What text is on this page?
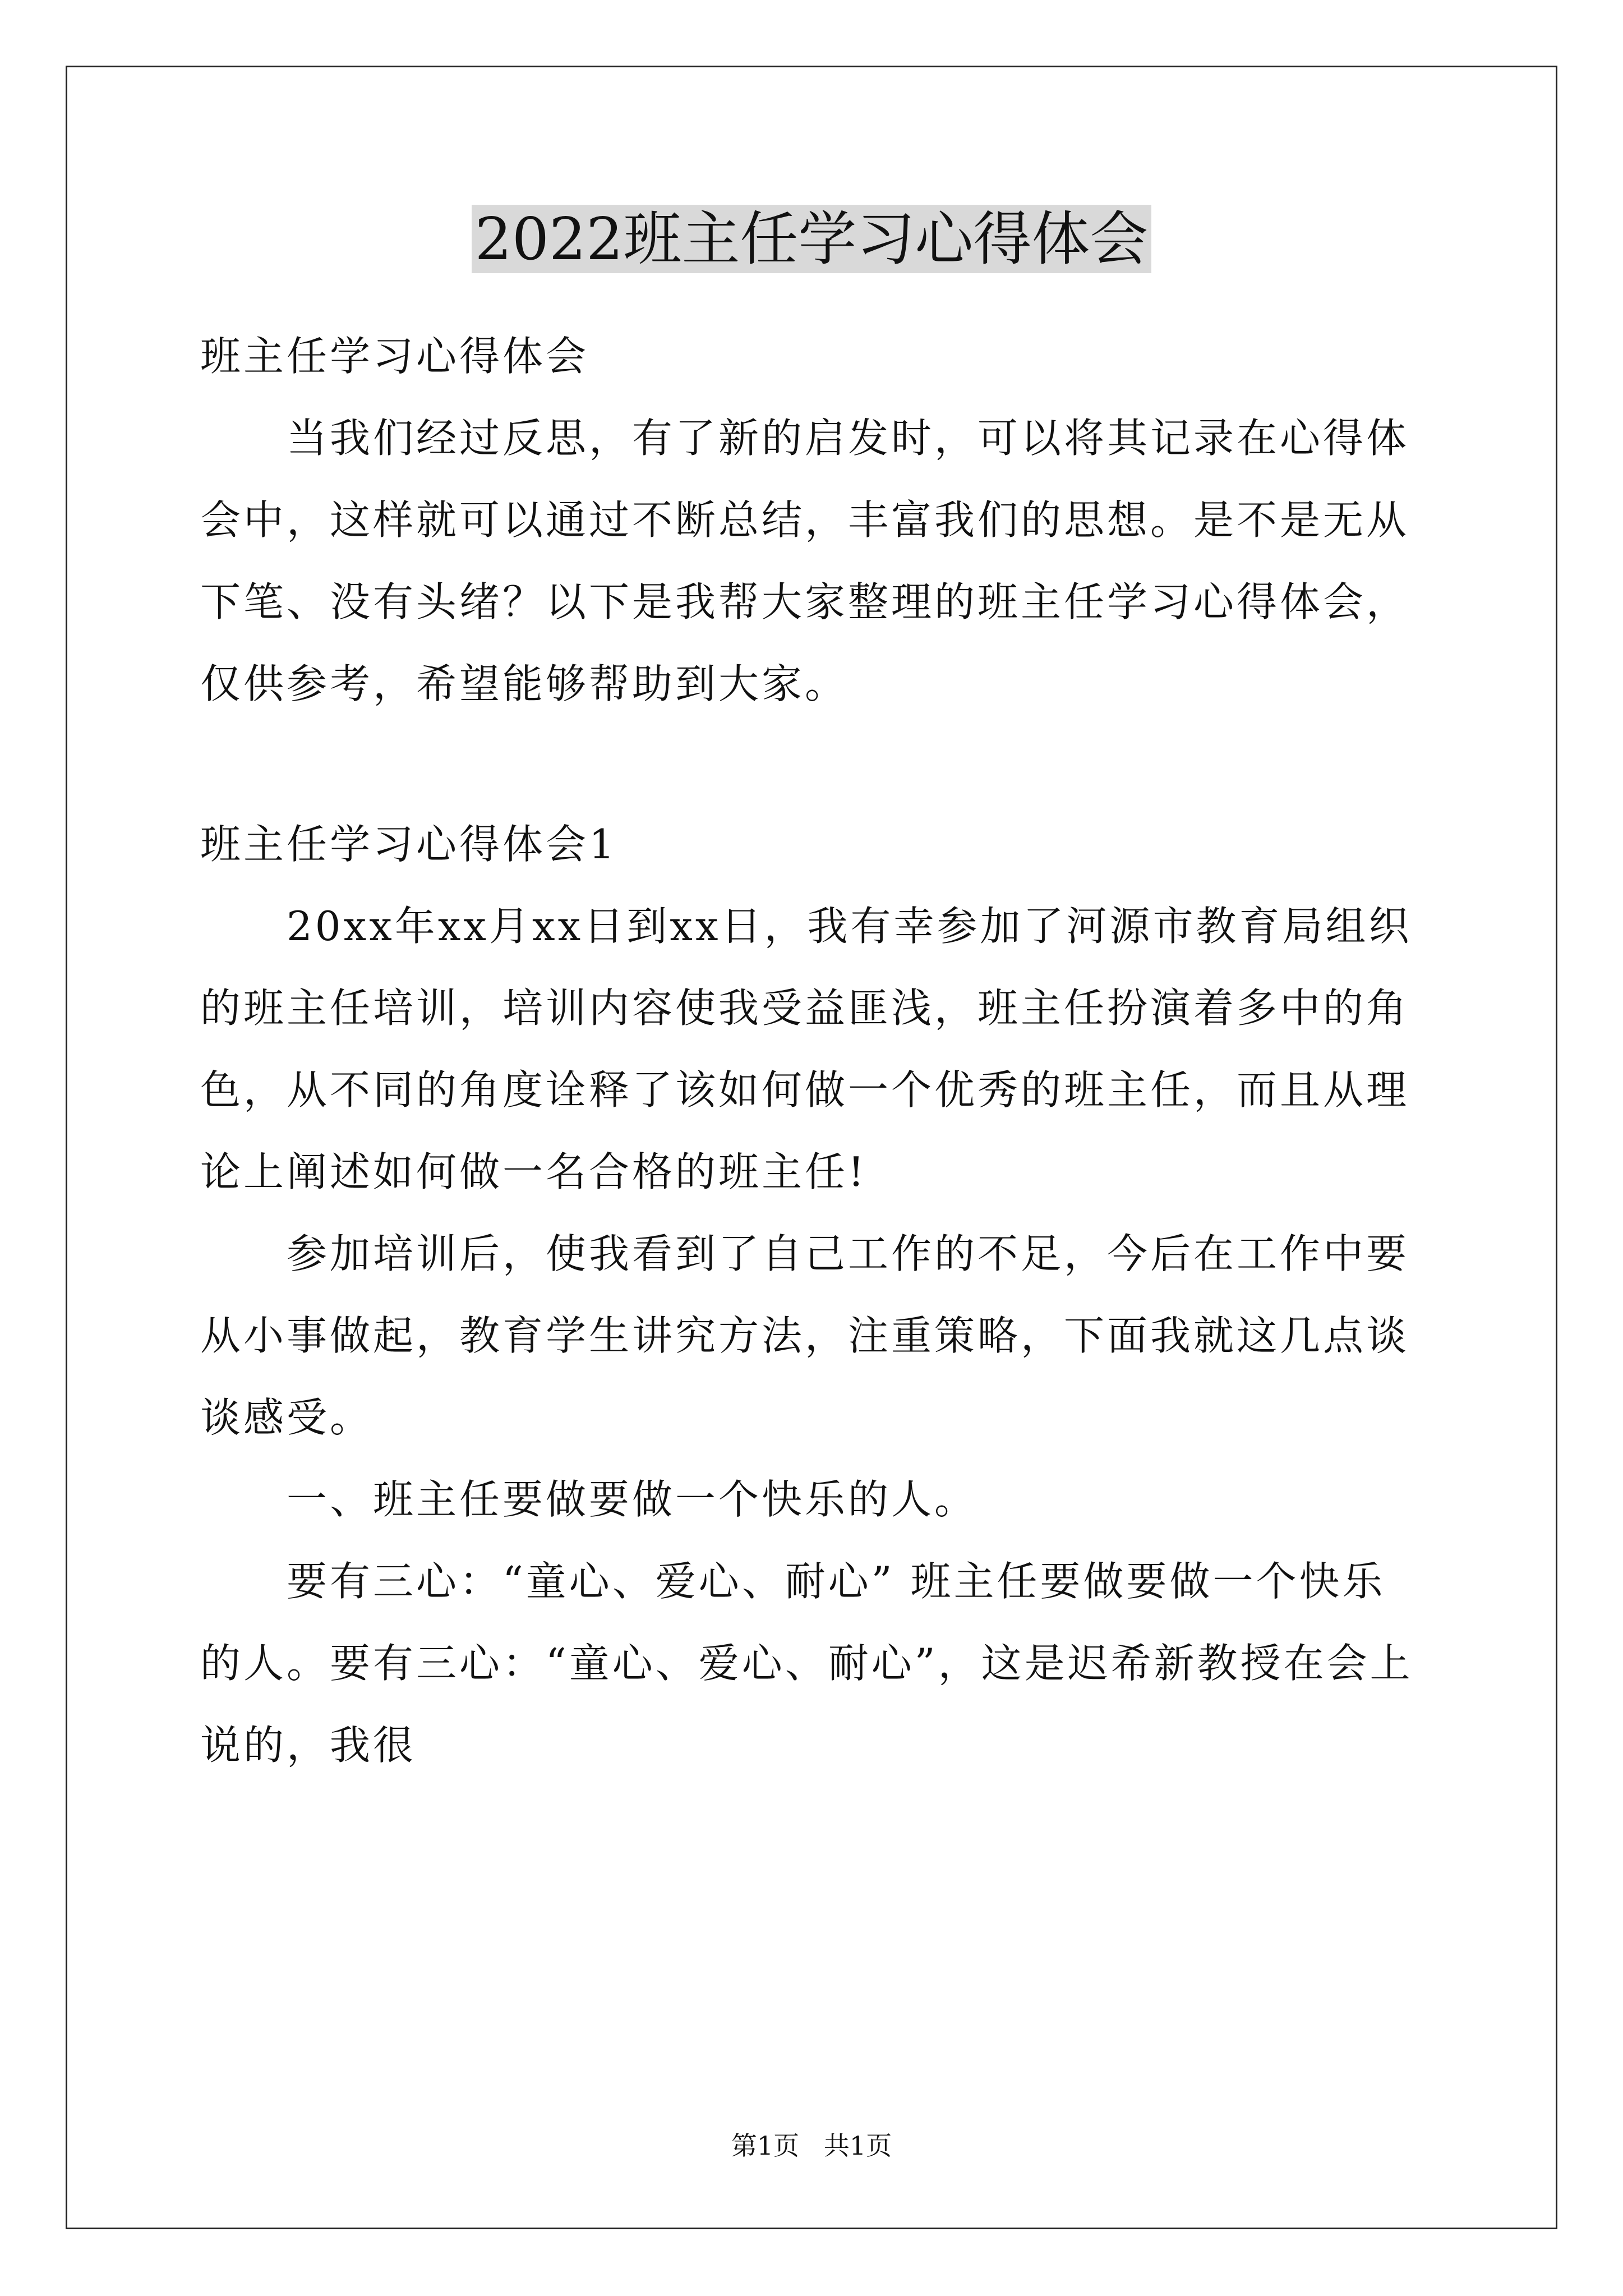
2022班主任学习心得体会

班主任学习心得体会

当我们经过反思，有了新的启发时，可以将其记录在心得体会中，这样就可以通过不断总结，丰富我们的思想。是不是无从下笔、没有头绪？以下是我帮大家整理的班主任学习心得体会，仅供参考，希望能够帮助到大家。

班主任学习心得体会1

20xx年xx月xx日到xx日，我有幸参加了河源市教育局组织的班主任培训，培训内容使我受益匪浅，班主任扮演着多中的角色，从不同的角度诠释了该如何做一个优秀的班主任，而且从理论上阐述如何做一名合格的班主任!

参加培训后，使我看到了自己工作的不足，今后在工作中要从小事做起，教育学生讲究方法，注重策略，下面我就这几点谈谈感受。

一、班主任要做要做一个快乐的人。

要有三心：“童心、爱心、耐心” 班主任要做要做一个快乐的人。要有三心：“童心、爱心、耐心”，这是迟希新教授在会上说的，我很

第1页   共1页
